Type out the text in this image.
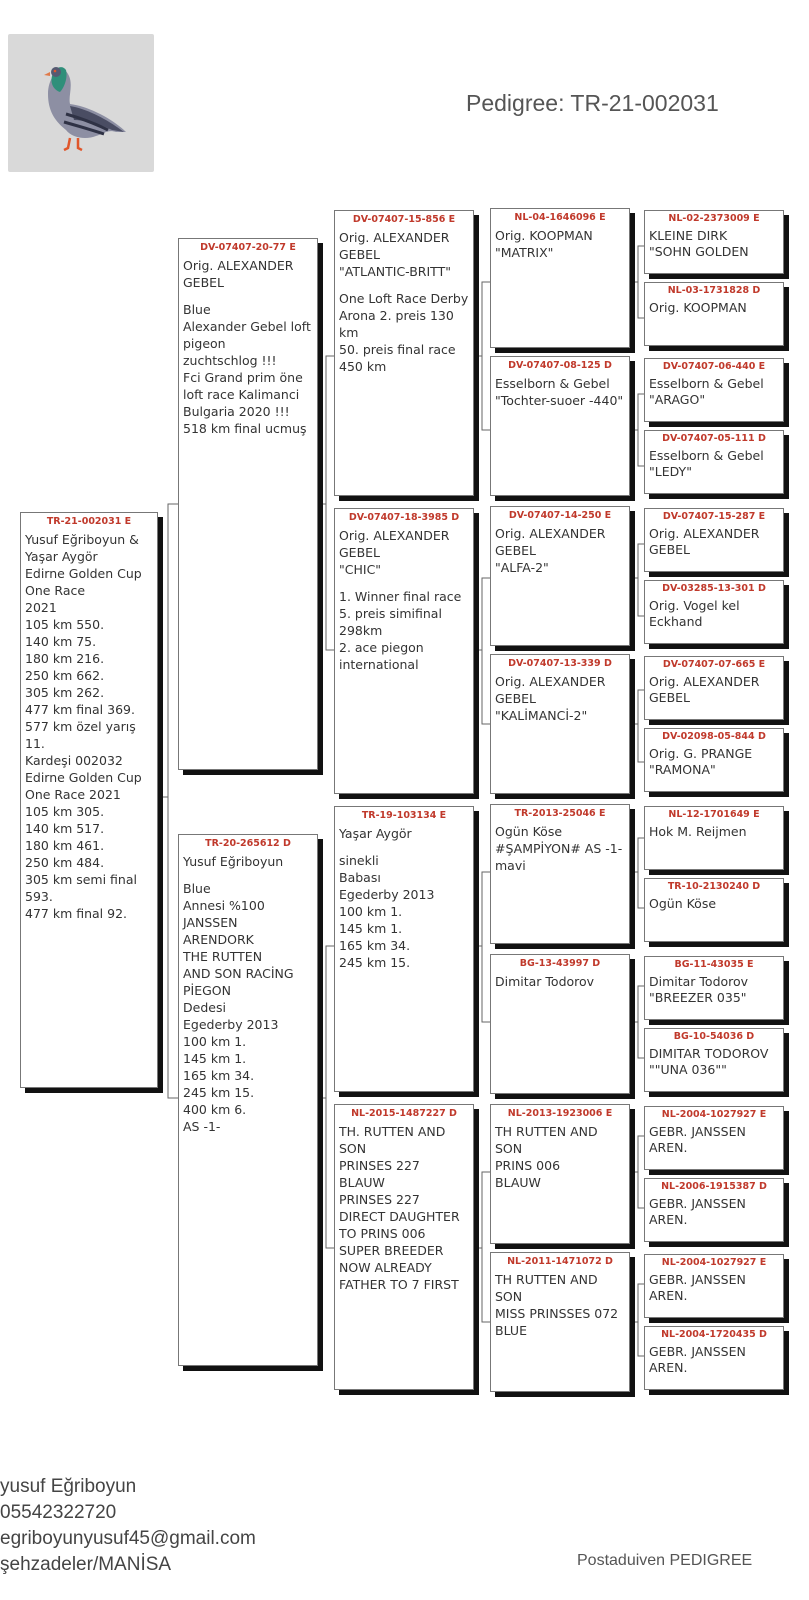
Pedigree: TR-21-002031
TR-21-002031 E
Yusuf Eğriboyun &
Yaşar Aygör
Edirne Golden Cup
One Race
2021
105 km 550.
140 km 75.
180 km 216.
250 km 662.
305 km 262.
477 km final 369.
577 km özel yarış
11.
Kardeşi 002032
Edirne Golden Cup
One Race 2021
105 km 305.
140 km 517.
180 km 461.
250 km 484.
305 km semi final
593.
477 km final 92.
DV-07407-20-77 E
Orig. ALEXANDER
GEBEL
Blue
Alexander Gebel loft
pigeon
zuchtschlog !!!
Fci Grand prim öne
loft race Kalimanci
Bulgaria 2020 !!!
518 km final ucmuş
TR-20-265612 D
Yusuf Eğriboyun
Blue
Annesi %100
JANSSEN
ARENDORK
THE RUTTEN
AND SON RACİNG
PİEGON
Dedesi
Egederby 2013
100 km 1.
145 km 1.
165 km 34.
245 km 15.
400 km 6.
AS -1-
DV-07407-15-856 E
Orig. ALEXANDER
GEBEL
"ATLANTIC-BRITT"
One Loft Race Derby
Arona 2. preis 130
km
50. preis final race
450 km
DV-07407-18-3985 D
Orig. ALEXANDER
GEBEL
"CHIC"
1. Winner final race
5. preis simifinal
298km
2. ace piegon
international
TR-19-103134 E
Yaşar Aygör
sinekli
Babası
Egederby 2013
100 km 1.
145 km 1.
165 km 34.
245 km 15.
NL-2015-1487227 D
TH. RUTTEN AND
SON
PRINSES 227
BLAUW
PRINSES 227
DIRECT DAUGHTER
TO PRINS 006
SUPER BREEDER
NOW ALREADY
FATHER TO 7 FIRST
NL-04-1646096 E
Orig. KOOPMAN
"MATRIX"
DV-07407-08-125 D
Esselborn & Gebel
"Tochter-suoer -440"
DV-07407-14-250 E
Orig. ALEXANDER
GEBEL
"ALFA-2"
DV-07407-13-339 D
Orig. ALEXANDER
GEBEL
"KALİMANCİ-2"
TR-2013-25046 E
Ogün Köse
#ŞAMPİYON# AS -1-
mavi
BG-13-43997 D
Dimitar Todorov
NL-2013-1923006 E
TH RUTTEN AND
SON
PRINS 006
BLAUW
NL-2011-1471072 D
TH RUTTEN AND
SON
MISS PRINSSES 072
BLUE
NL-02-2373009 E
KLEINE DIRK
"SOHN GOLDEN
NL-03-1731828 D
Orig. KOOPMAN
DV-07407-06-440 E
Esselborn & Gebel
"ARAGO"
DV-07407-05-111 D
Esselborn & Gebel
"LEDY"
DV-07407-15-287 E
Orig. ALEXANDER
GEBEL
DV-03285-13-301 D
Orig. Vogel kel
Eckhand
DV-07407-07-665 E
Orig. ALEXANDER
GEBEL
DV-02098-05-844 D
Orig. G. PRANGE
"RAMONA"
NL-12-1701649 E
Hok M. Reijmen
TR-10-2130240 D
Ogün Köse
BG-11-43035 E
Dimitar Todorov
"BREEZER 035"
BG-10-54036 D
DIMITAR TODOROV
""UNA 036""
NL-2004-1027927 E
GEBR. JANSSEN
AREN.
NL-2006-1915387 D
GEBR. JANSSEN
AREN.
NL-2004-1027927 E
GEBR. JANSSEN
AREN.
NL-2004-1720435 D
GEBR. JANSSEN
AREN.
yusuf Eğriboyun
05542322720
egriboyunyusuf45@gmail.com
şehzadeler/MANİSA	Postaduiven PEDIGREE
